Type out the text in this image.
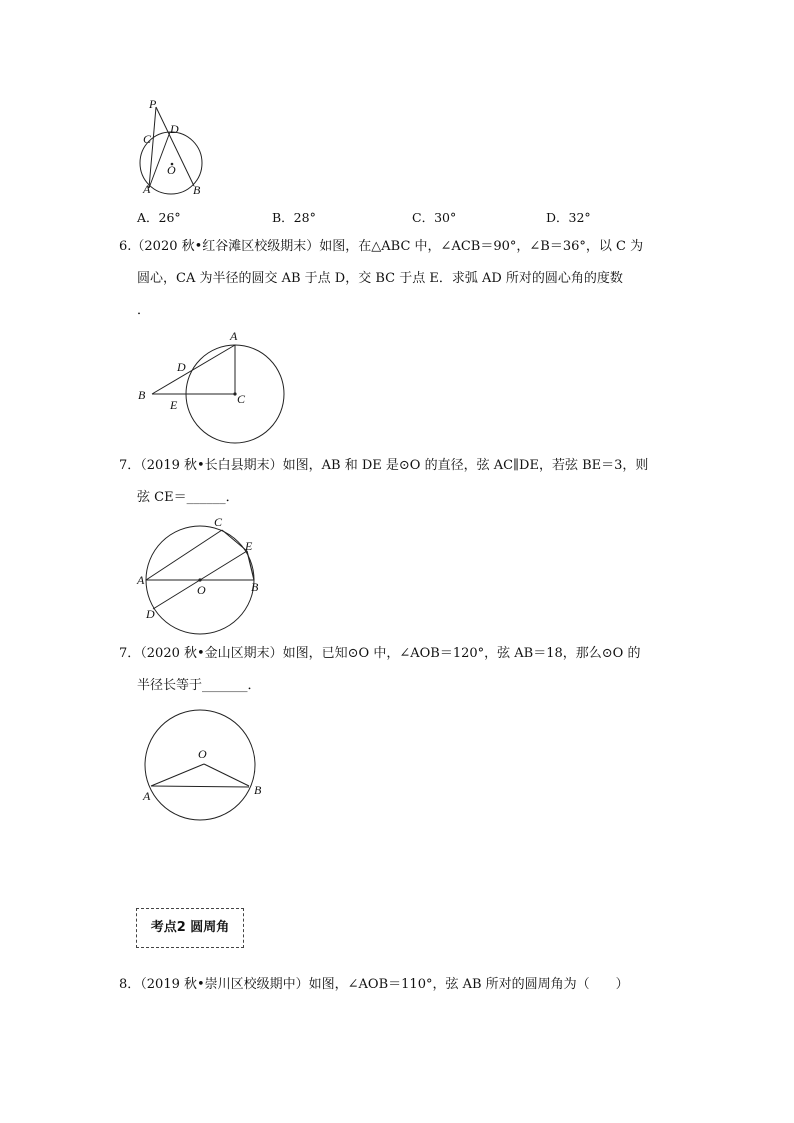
P
C
D
O
A	B
A．26°	B．28°	C．30°	D．32°
6.（2020 秋•红谷滩区校级期末）如图，在△ABC 中，∠ACB＝90°，∠B＝36°，以 C 为
圆心，CA 为半径的圆交 AB 于点 D，交 BC 于点 E．求弧 AD 所对的圆心角的度数
．
A
D
B
E	C
7．（2019 秋•长白县期末）如图，AB 和 DE 是⊙O 的直径，弦 AC∥DE，若弦 BE＝3，则
弦 CE＝______．
C
E
A
O	B
D
7．（2020 秋•金山区期末）如图，已知⊙O 中，∠AOB＝120°，弦 AB＝18，那么⊙O 的
半径长等于_______．
O
A	B
考点2 圆周角
8．（2019 秋•崇川区校级期中）如图，∠AOB＝110°，弦 AB 所对的圆周角为（　　）
